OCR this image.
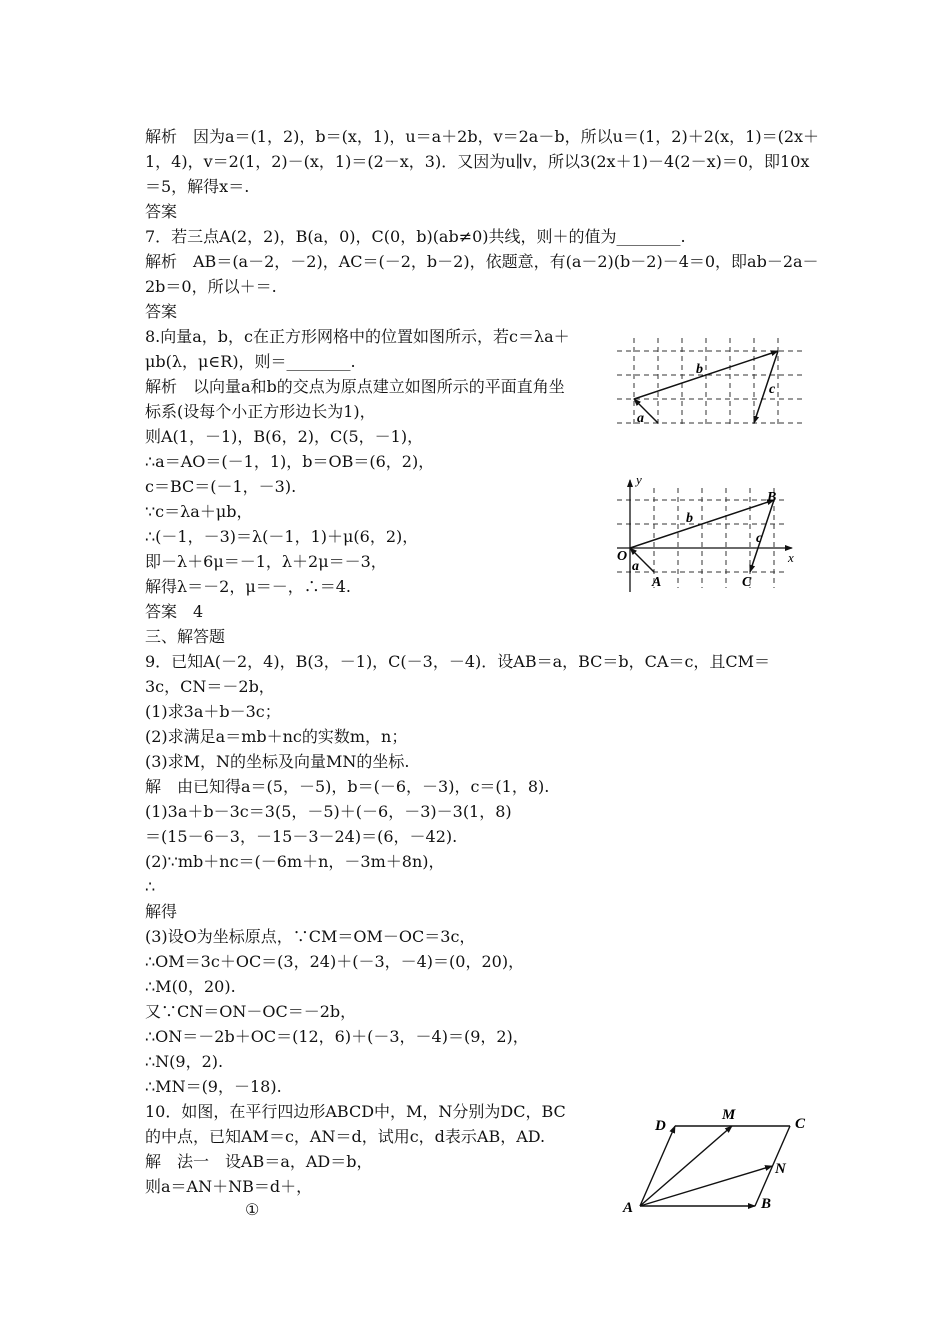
解析　因为a＝(1，2)，b＝(x，1)，u＝a＋2b，v＝2a－b，所以u＝(1，2)＋2(x，1)＝(2x＋
1，4)，v＝2(1，2)－(x，1)＝(2－x，3)．又因为u∥v，所以3(2x＋1)－4(2－x)＝0，即10x
＝5，解得x＝.
答案
7．若三点A(2，2)，B(a，0)，C(0，b)(ab≠0)共线，则＋的值为________.
解析　AB＝(a－2，－2)，AC＝(－2，b－2)，依题意，有(a－2)(b－2)－4＝0，即ab－2a－
2b＝0，所以＋＝.
答案
8.向量a，b，c在正方形网格中的位置如图所示，若c＝λa＋
μb(λ，μ∈R)，则＝________.
解析　以向量a和b的交点为原点建立如图所示的平面直角坐
标系(设每个小正方形边长为1)，
则A(1，－1)，B(6，2)，C(5，－1)，
∴a＝AO＝(－1，1)，b＝OB＝(6，2)，
c＝BC＝(－1，－3).
∵c＝λa＋μb，
∴(－1，－3)＝λ(－1，1)＋μ(6，2)，
即－λ＋6μ＝－1，λ＋2μ＝－3，
解得λ＝－2，μ＝－，∴＝4.
答案　4
三、解答题
9．已知A(－2，4)，B(3，－1)，C(－3，－4)．设AB＝a，BC＝b，CA＝c，且CM＝
3c，CN＝－2b，
(1)求3a＋b－3c；
(2)求满足a＝mb＋nc的实数m，n；
(3)求M，N的坐标及向量MN的坐标.
解　由已知得a＝(5，－5)，b＝(－6，－3)，c＝(1，8).
(1)3a＋b－3c＝3(5，－5)＋(－6，－3)－3(1，8)
＝(15－6－3，－15－3－24)＝(6，－42).
(2)∵mb＋nc＝(－6m＋n，－3m＋8n)，
∴
解得
(3)设O为坐标原点，∵CM＝OM－OC＝3c，
∴OM＝3c＋OC＝(3，24)＋(－3，－4)＝(0，20)，
∴M(0，20).
又∵CN＝ON－OC＝－2b，
∴ON＝－2b＋OC＝(12，6)＋(－3，－4)＝(9，2)，
∴N(9，2).
∴MN＝(9，－18).
10．如图，在平行四边形ABCD中，M，N分别为DC，BC
的中点，已知AM＝c，AN＝d，试用c，d表示AB，AD.
解　法一　设AB＝a，AD＝b，
则a＝AN＋NB＝d＋，
①
a
b
c
x
y
O
A
B
C
a
b
c
A	B
C
D
M
N
